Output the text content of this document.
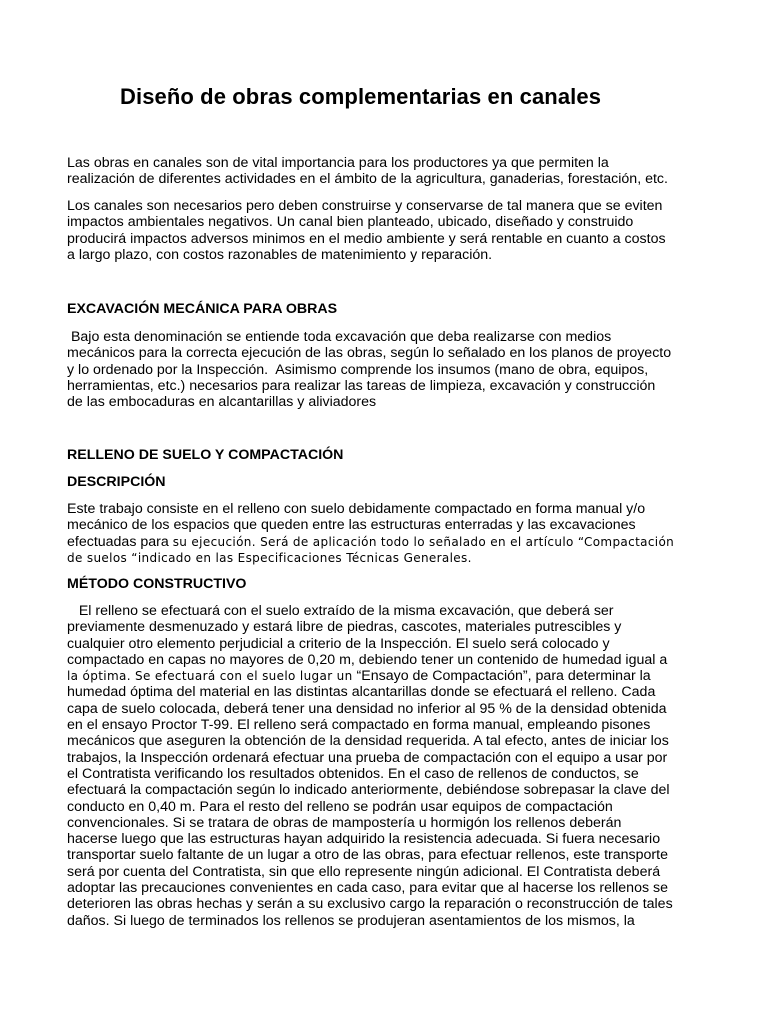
Diseño de obras complementarias en canales
Las obras en canales son de vital importancia para los productores ya que permiten la
realización de diferentes actividades en el ámbito de la agricultura, ganaderias, forestación, etc.
Los canales son necesarios pero deben construirse y conservarse de tal manera que se eviten
impactos ambientales negativos. Un canal bien planteado, ubicado, diseñado y construido
producirá impactos adversos minimos en el medio ambiente y será rentable en cuanto a costos
a largo plazo, con costos razonables de matenimiento y reparación.
EXCAVACIÓN MECÁNICA PARA OBRAS
Bajo esta denominación se entiende toda excavación que deba realizarse con medios
mecánicos para la correcta ejecución de las obras, según lo señalado en los planos de proyecto
y lo ordenado por la Inspección.  Asimismo comprende los insumos (mano de obra, equipos,
herramientas, etc.) necesarios para realizar las tareas de limpieza, excavación y construcción
de las embocaduras en alcantarillas y aliviadores
RELLENO DE SUELO Y COMPACTACIÓN
DESCRIPCIÓN
Este trabajo consiste en el relleno con suelo debidamente compactado en forma manual y/o
mecánico de los espacios que queden entre las estructuras enterradas y las excavaciones
efectuadas para su ejecución. Será de aplicación todo lo señalado en el artículo “Compactación
de suelos “indicado en las Especificaciones Técnicas Generales.
MÉTODO CONSTRUCTIVO
El relleno se efectuará con el suelo extraído de la misma excavación, que deberá ser
previamente desmenuzado y estará libre de piedras, cascotes, materiales putrescibles y
cualquier otro elemento perjudicial a criterio de la Inspección. El suelo será colocado y
compactado en capas no mayores de 0,20 m, debiendo tener un contenido de humedad igual a
la óptima. Se efectuará con el suelo lugar un “Ensayo de Compactación”, para determinar la
humedad óptima del material en las distintas alcantarillas donde se efectuará el relleno. Cada
capa de suelo colocada, deberá tener una densidad no inferior al 95 % de la densidad obtenida
en el ensayo Proctor T-99. El relleno será compactado en forma manual, empleando pisones
mecánicos que aseguren la obtención de la densidad requerida. A tal efecto, antes de iniciar los
trabajos, la Inspección ordenará efectuar una prueba de compactación con el equipo a usar por
el Contratista verificando los resultados obtenidos. En el caso de rellenos de conductos, se
efectuará la compactación según lo indicado anteriormente, debiéndose sobrepasar la clave del
conducto en 0,40 m. Para el resto del relleno se podrán usar equipos de compactación
convencionales. Si se tratara de obras de mampostería u hormigón los rellenos deberán
hacerse luego que las estructuras hayan adquirido la resistencia adecuada. Si fuera necesario
transportar suelo faltante de un lugar a otro de las obras, para efectuar rellenos, este transporte
será por cuenta del Contratista, sin que ello represente ningún adicional. El Contratista deberá
adoptar las precauciones convenientes en cada caso, para evitar que al hacerse los rellenos se
deterioren las obras hechas y serán a su exclusivo cargo la reparación o reconstrucción de tales
daños. Si luego de terminados los rellenos se produjeran asentamientos de los mismos, la
